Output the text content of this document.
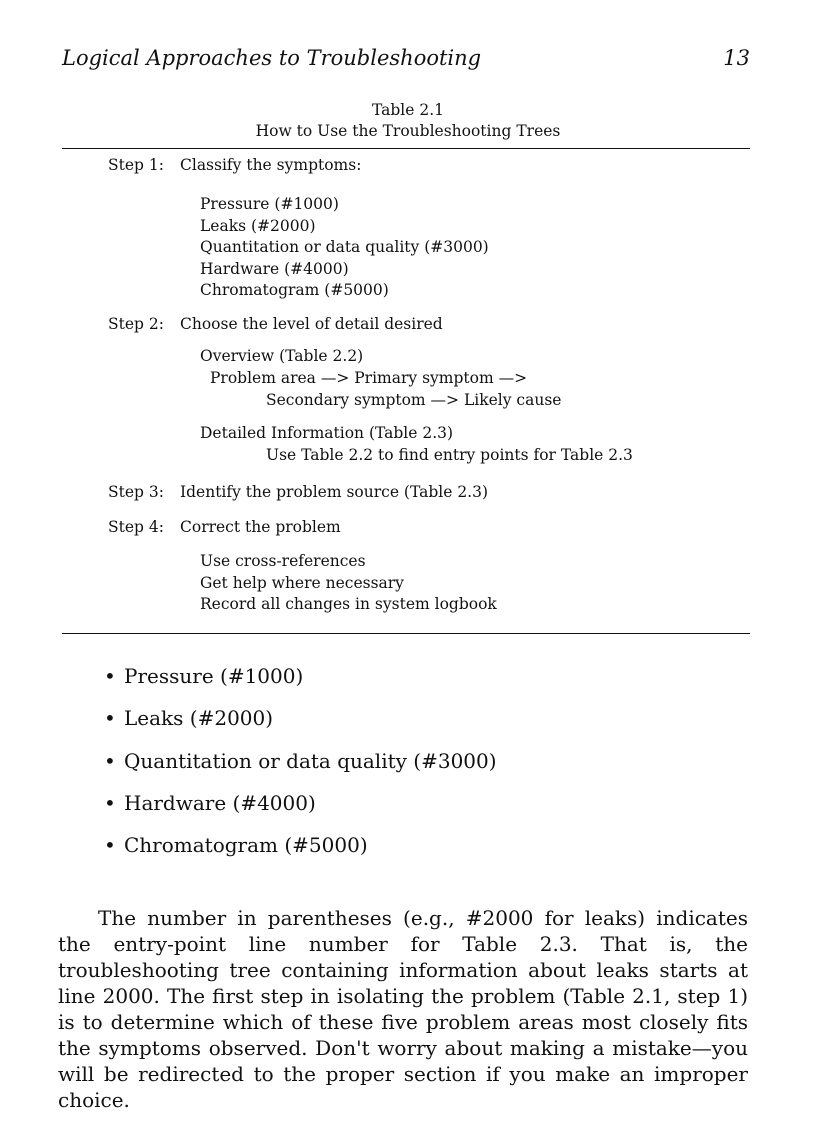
Logical Approaches to Troubleshooting	13
Table 2.1
How to Use the Troubleshooting Trees
Step 1: Classify the symptoms:
Pressure (#1000)
Leaks (#2000)
Quantitation or data quality (#3000)
Hardware (#4000)
Chromatogram (#5000)
Step 2: Choose the level of detail desired
Overview (Table 2.2)
Problem area —> Primary symptom —>
Secondary symptom —> Likely cause
Detailed Information (Table 2.3)
Use Table 2.2 to find entry points for Table 2.3
Step 3: Identify the problem source (Table 2.3)
Step 4: Correct the problem
Use cross-references
Get help where necessary
Record all changes in system logbook
• Pressure (#1000)
• Leaks (#2000)
• Quantitation or data quality (#3000)
• Hardware (#4000)
• Chromatogram (#5000)

The number in parentheses (e.g., #2000 for leaks) indicates the entry-point line number for Table 2.3. That is, the troubleshooting tree containing information about leaks starts at line 2000. The first step in isolating the problem (Table 2.1, step 1) is to determine which of these five problem areas most closely fits the symptoms observed. Don't worry about making a mistake—you will be redirected to the proper section if you make an improper choice.
